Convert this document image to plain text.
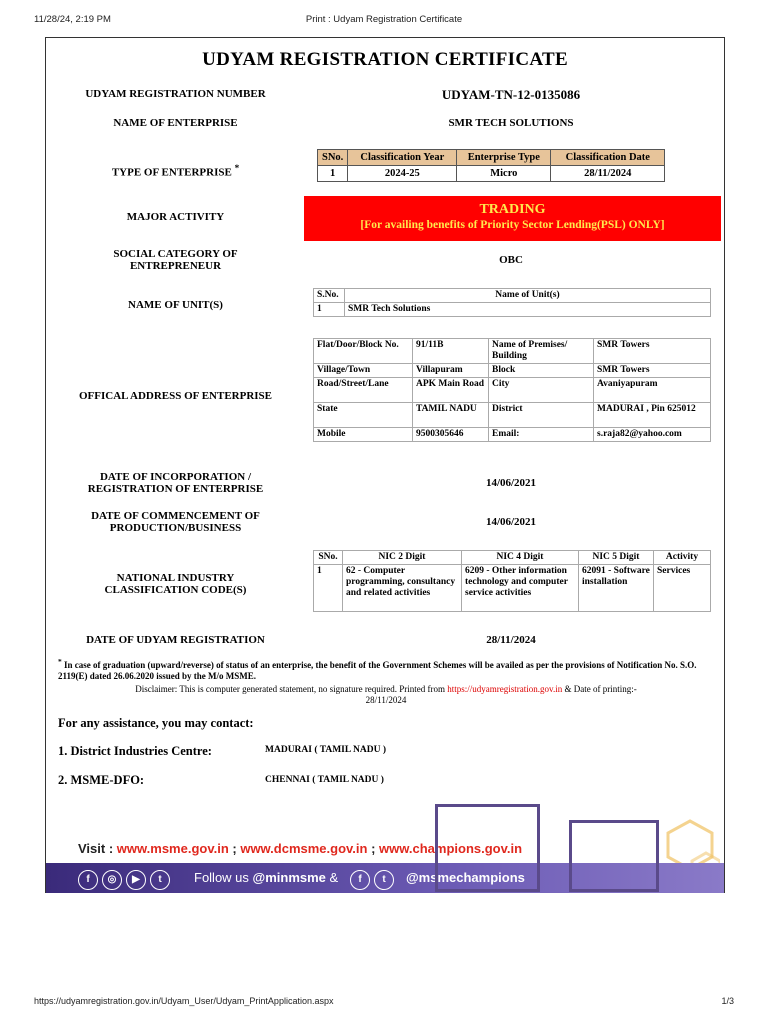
11/28/24, 2:19 PM	Print : Udyam Registration Certificate
UDYAM REGISTRATION CERTIFICATE
UDYAM REGISTRATION NUMBER	UDYAM-TN-12-0135086
NAME OF ENTERPRISE	SMR TECH SOLUTIONS
TYPE OF ENTERPRISE *
SNo.	Classification Year	Enterprise Type	Classification Date
1	2024-25	Micro	28/11/2024
MAJOR ACTIVITY	TRADING
[For availing benefits of Priority Sector Lending(PSL) ONLY]
SOCIAL CATEGORY OF
ENTREPRENEUR	OBC
NAME OF UNIT(S)
S.No.	Name of Unit(s)
1	SMR Tech Solutions
OFFICAL ADDRESS OF ENTERPRISE
Flat/Door/Block No.	91/11B	Name of Premises/ Building	SMR Towers
Village/Town	Villapuram	Block	SMR Towers
Road/Street/Lane	APK Main Road	City	Avaniyapuram
State	TAMIL NADU	District	MADURAI , Pin 625012
Mobile	9500305646	Email:	s.raja82@yahoo.com
DATE OF INCORPORATION /
REGISTRATION OF ENTERPRISE	14/06/2021
DATE OF COMMENCEMENT OF
PRODUCTION/BUSINESS	14/06/2021
NATIONAL INDUSTRY
CLASSIFICATION CODE(S)
SNo.	NIC 2 Digit	NIC 4 Digit	NIC 5 Digit	Activity
1	62 - Computer programming, consultancy and related activities	6209 - Other information technology and computer service activities	62091 - Software installation	Services
DATE OF UDYAM REGISTRATION	28/11/2024
* In case of graduation (upward/reverse) of status of an enterprise, the benefit of the Government Schemes will be availed as per the provisions of Notification No. S.O. 2119(E) dated 26.06.2020 issued by the M/o MSME.
Disclaimer: This is computer generated statement, no signature required. Printed from https://udyamregistration.gov.in & Date of printing:-
28/11/2024
For any assistance, you may contact:
1. District Industries Centre:	MADURAI ( TAMIL NADU )
2. MSME-DFO:	CHENNAI ( TAMIL NADU )
Visit : www.msme.gov.in ; www.dcmsme.gov.in ; www.champions.gov.in
f ◎ ▶ t	Follow us @minmsme &	f t	@msmechampions
https://udyamregistration.gov.in/Udyam_User/Udyam_PrintApplication.aspx	1/3
